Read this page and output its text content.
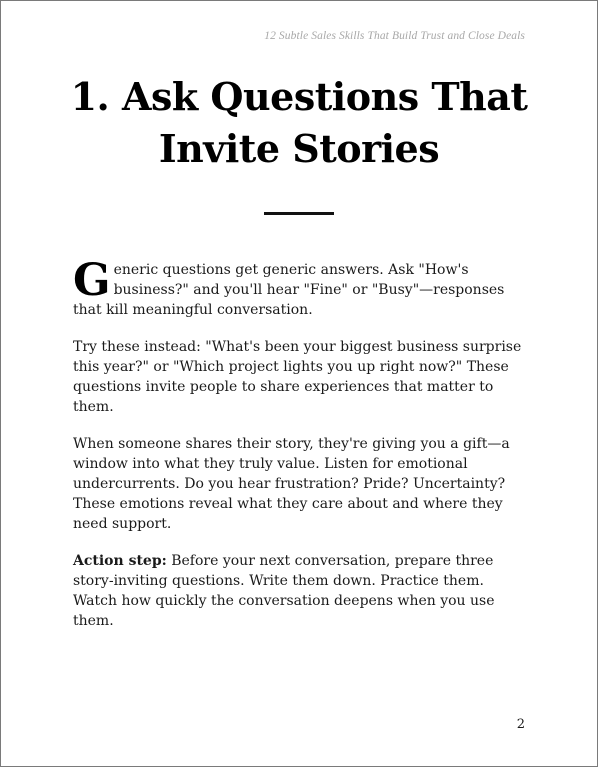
12 Subtle Sales Skills That Build Trust and Close Deals
1. Ask Questions That Invite Stories

Generic questions get generic answers. Ask "How's business?" and you'll hear "Fine" or "Busy"—responses that kill meaningful conversation.

Try these instead: "What's been your biggest business surprise this year?" or "Which project lights you up right now?" These questions invite people to share experiences that matter to them.

When someone shares their story, they're giving you a gift—a window into what they truly value. Listen for emotional undercurrents. Do you hear frustration? Pride? Uncertainty? These emotions reveal what they care about and where they need support.

Action step: Before your next conversation, prepare three story-inviting questions. Write them down. Practice them. Watch how quickly the conversation deepens when you use them.

2
